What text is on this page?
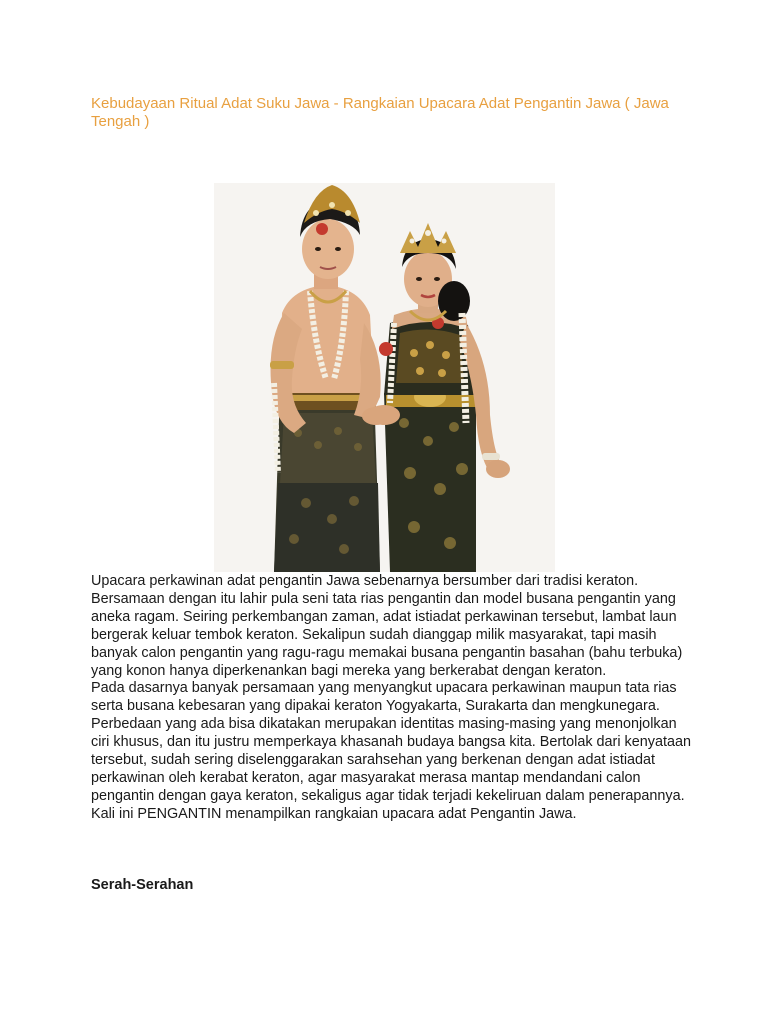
Kebudayaan Ritual Adat Suku Jawa - Rangkaian Upacara Adat Pengantin Jawa ( Jawa Tengah )

Upacara perkawinan adat pengantin Jawa sebenarnya bersumber dari tradisi keraton. Bersamaan dengan itu lahir pula seni tata rias pengantin dan model busana pengantin yang aneka ragam. Seiring perkembangan zaman, adat istiadat perkawinan tersebut, lambat laun bergerak keluar tembok keraton. Sekalipun sudah dianggap milik masyarakat, tapi masih banyak calon pengantin yang ragu-ragu memakai busana pengantin basahan (bahu terbuka) yang konon hanya diperkenankan bagi mereka yang berkerabat dengan keraton.

Pada dasarnya banyak persamaan yang menyangkut upacara perkawinan maupun tata rias serta busana kebesaran yang dipakai keraton Yogyakarta, Surakarta dan mengkunegara. Perbedaan yang ada bisa dikatakan merupakan identitas masing-masing yang menonjolkan ciri khusus, dan itu justru memperkaya khasanah budaya bangsa kita. Bertolak dari kenyataan tersebut, sudah sering diselenggarakan sarahsehan yang berkenan dengan adat istiadat perkawinan oleh kerabat keraton, agar masyarakat merasa mantap mendandani calon pengantin dengan gaya keraton, sekaligus agar tidak terjadi kekeliruan dalam penerapannya. Kali ini PENGANTIN menampilkan rangkaian upacara adat Pengantin Jawa.

Serah-Serahan
